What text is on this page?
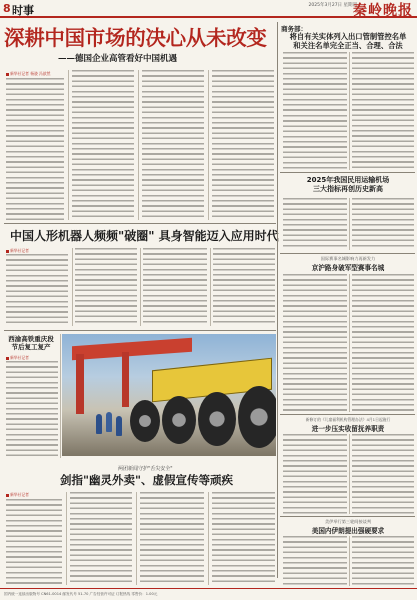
8 时事	2025年3月27日 星期四
秦岭晚报
深耕中国市场的决心从未改变
——德国企业高管看好中国机遇
新华社记者 杨骁 冯歆然
中国人形机器人频频"破圈" 具身智能迈入应用时代
新华社记者
西渝高铁重庆段
节后复工复产
新华社记者
两团新闻守护"舌尖安全"
剑指"幽灵外卖"、虚假宣传等顽疾
新华社记者
商务部：
将自有关实体列入出口管制管控名单
和关注名单完全正当、合理、合法
2025年我国民用运输机场
三大指标再创历史新高
国际赛事名城影响力再新发力
京沪路身破军型赛事名城
新修订的《儿童福利机构管理办法》4月1日起施行
进一步压实收留抚养职责
美伊举行第三轮间接谈判
美国内伊朗提出强硬要求
国内统一连续出版物号 CN61-0014 邮发代号 51-70 广告经营许可证 订报热线 零售价：1.00元
